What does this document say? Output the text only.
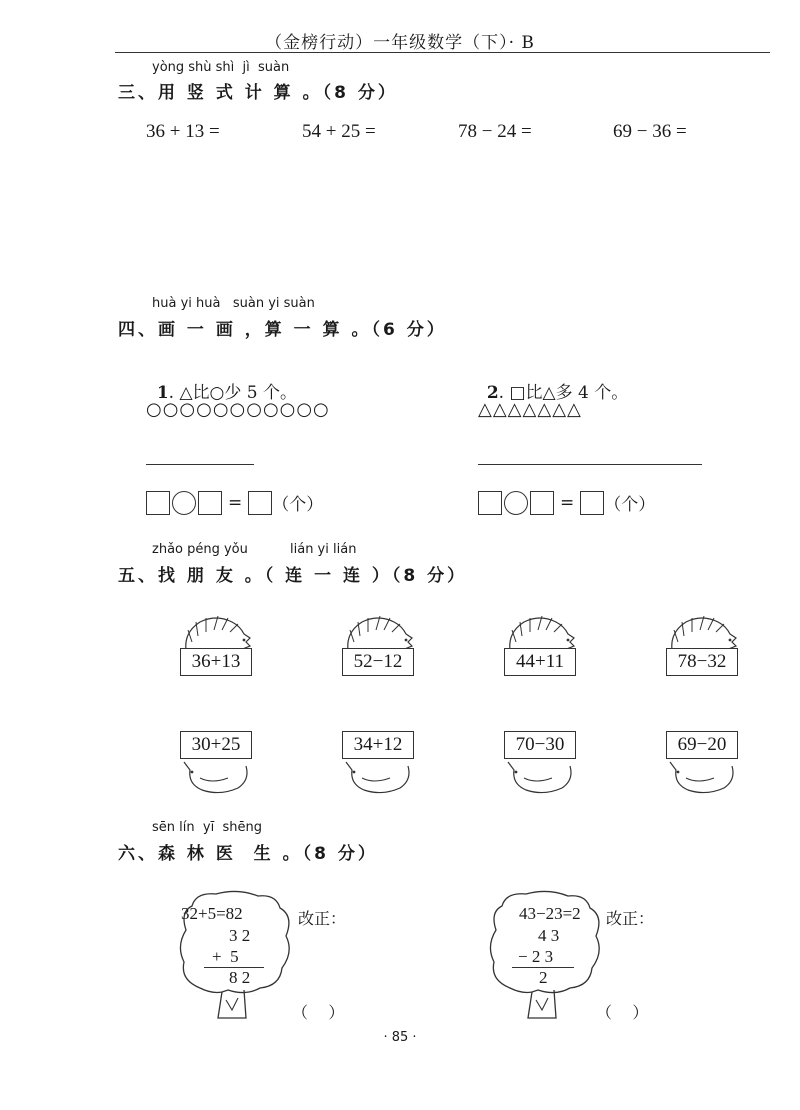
（金榜行动）一年级数学（下）· B
yòng shù shì  jì  suàn
三、用 竖 式 计 算 。（8 分）
36 + 13 =	54 + 25 =	78 − 24 =	69 − 36 =
huà yi huà   suàn yi suàn
四、画 一 画 ，算 一 算 。（6 分）

1. △比○少 5 个。	2. □比△多 4 个。

○○○○○○○○○○○	△△△△△△△
= （个）	= （个）
zhǎo péng yǒu	lián yi lián
五、找 朋 友 。（ 连 一 连 ）（8 分）
36+13	52−12	44+11	78−32
30+25	34+12	70−30	69−20
sēn lín  yī  shēng
六、森 林 医  生 。（8 分）
32+5=82
3 2
+  5
8 2
改正：
（    ）
43−23=2
4 3
− 2 3
2
改正：
（    ）
· 85 ·
